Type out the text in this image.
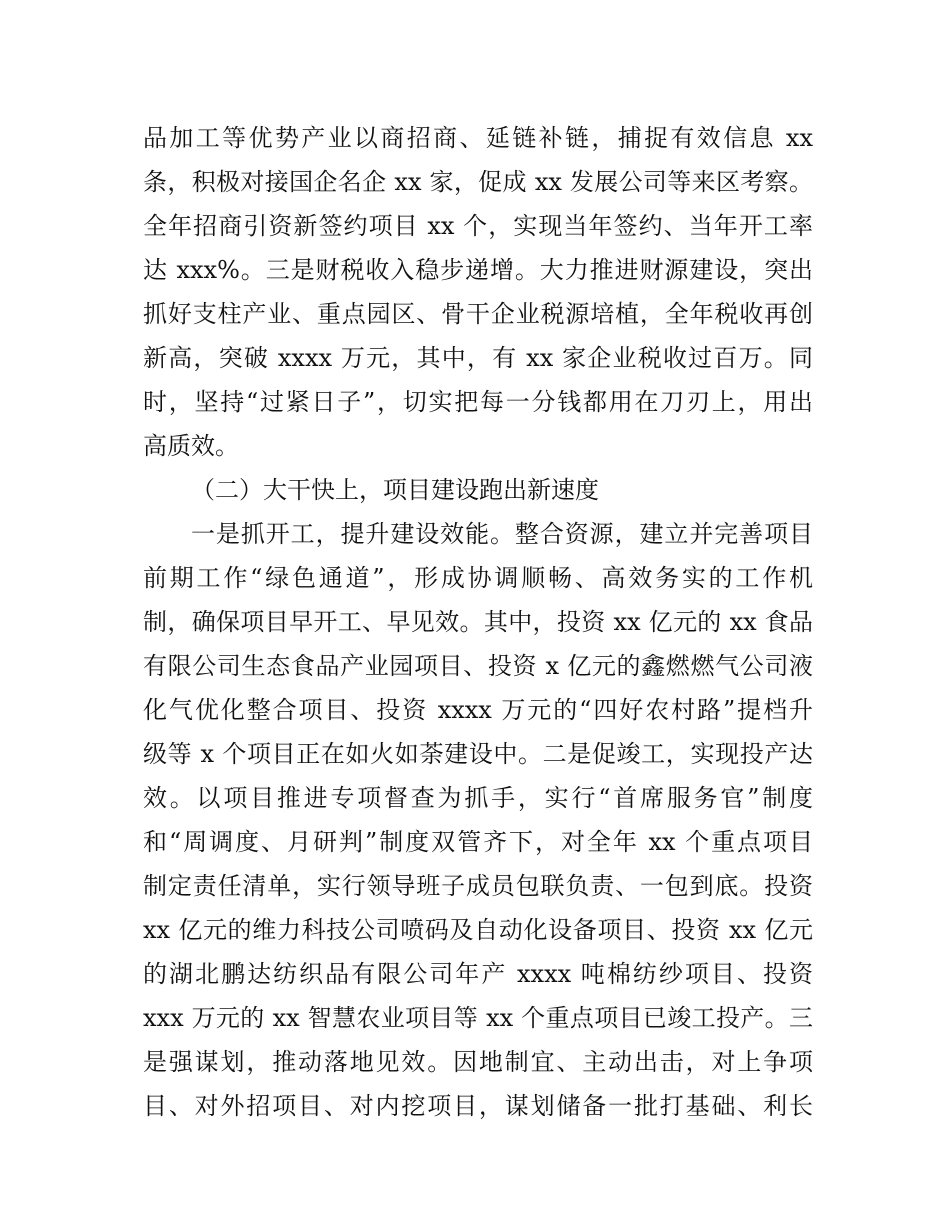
品加工等优势产业以商招商、延链补链，捕捉有效信息 xx
条，积极对接国企名企 xx 家，促成 xx 发展公司等来区考察。
全年招商引资新签约项目 xx 个，实现当年签约、当年开工率
达 xxx%。三是财税收入稳步递增。大力推进财源建设，突出
抓好支柱产业、重点园区、骨干企业税源培植，全年税收再创
新高，突破 xxxx 万元，其中，有 xx 家企业税收过百万。同
时，坚持“过紧日子”，切实把每一分钱都用在刀刃上，用出
高质效。
（二）大干快上，项目建设跑出新速度
一是抓开工，提升建设效能。整合资源，建立并完善项目
前期工作“绿色通道”，形成协调顺畅、高效务实的工作机
制，确保项目早开工、早见效。其中，投资 xx 亿元的 xx 食品
有限公司生态食品产业园项目、投资 x 亿元的鑫燃燃气公司液
化气优化整合项目、投资 xxxx 万元的“四好农村路”提档升
级等 x 个项目正在如火如荼建设中。二是促竣工，实现投产达
效。以项目推进专项督查为抓手，实行“首席服务官”制度
和“周调度、月研判”制度双管齐下，对全年 xx 个重点项目
制定责任清单，实行领导班子成员包联负责、一包到底。投资
xx 亿元的维力科技公司喷码及自动化设备项目、投资 xx 亿元
的湖北鹏达纺织品有限公司年产 xxxx 吨棉纺纱项目、投资
xxx 万元的 xx 智慧农业项目等 xx 个重点项目已竣工投产。三
是强谋划，推动落地见效。因地制宜、主动出击，对上争项
目、对外招项目、对内挖项目，谋划储备一批打基础、利长
